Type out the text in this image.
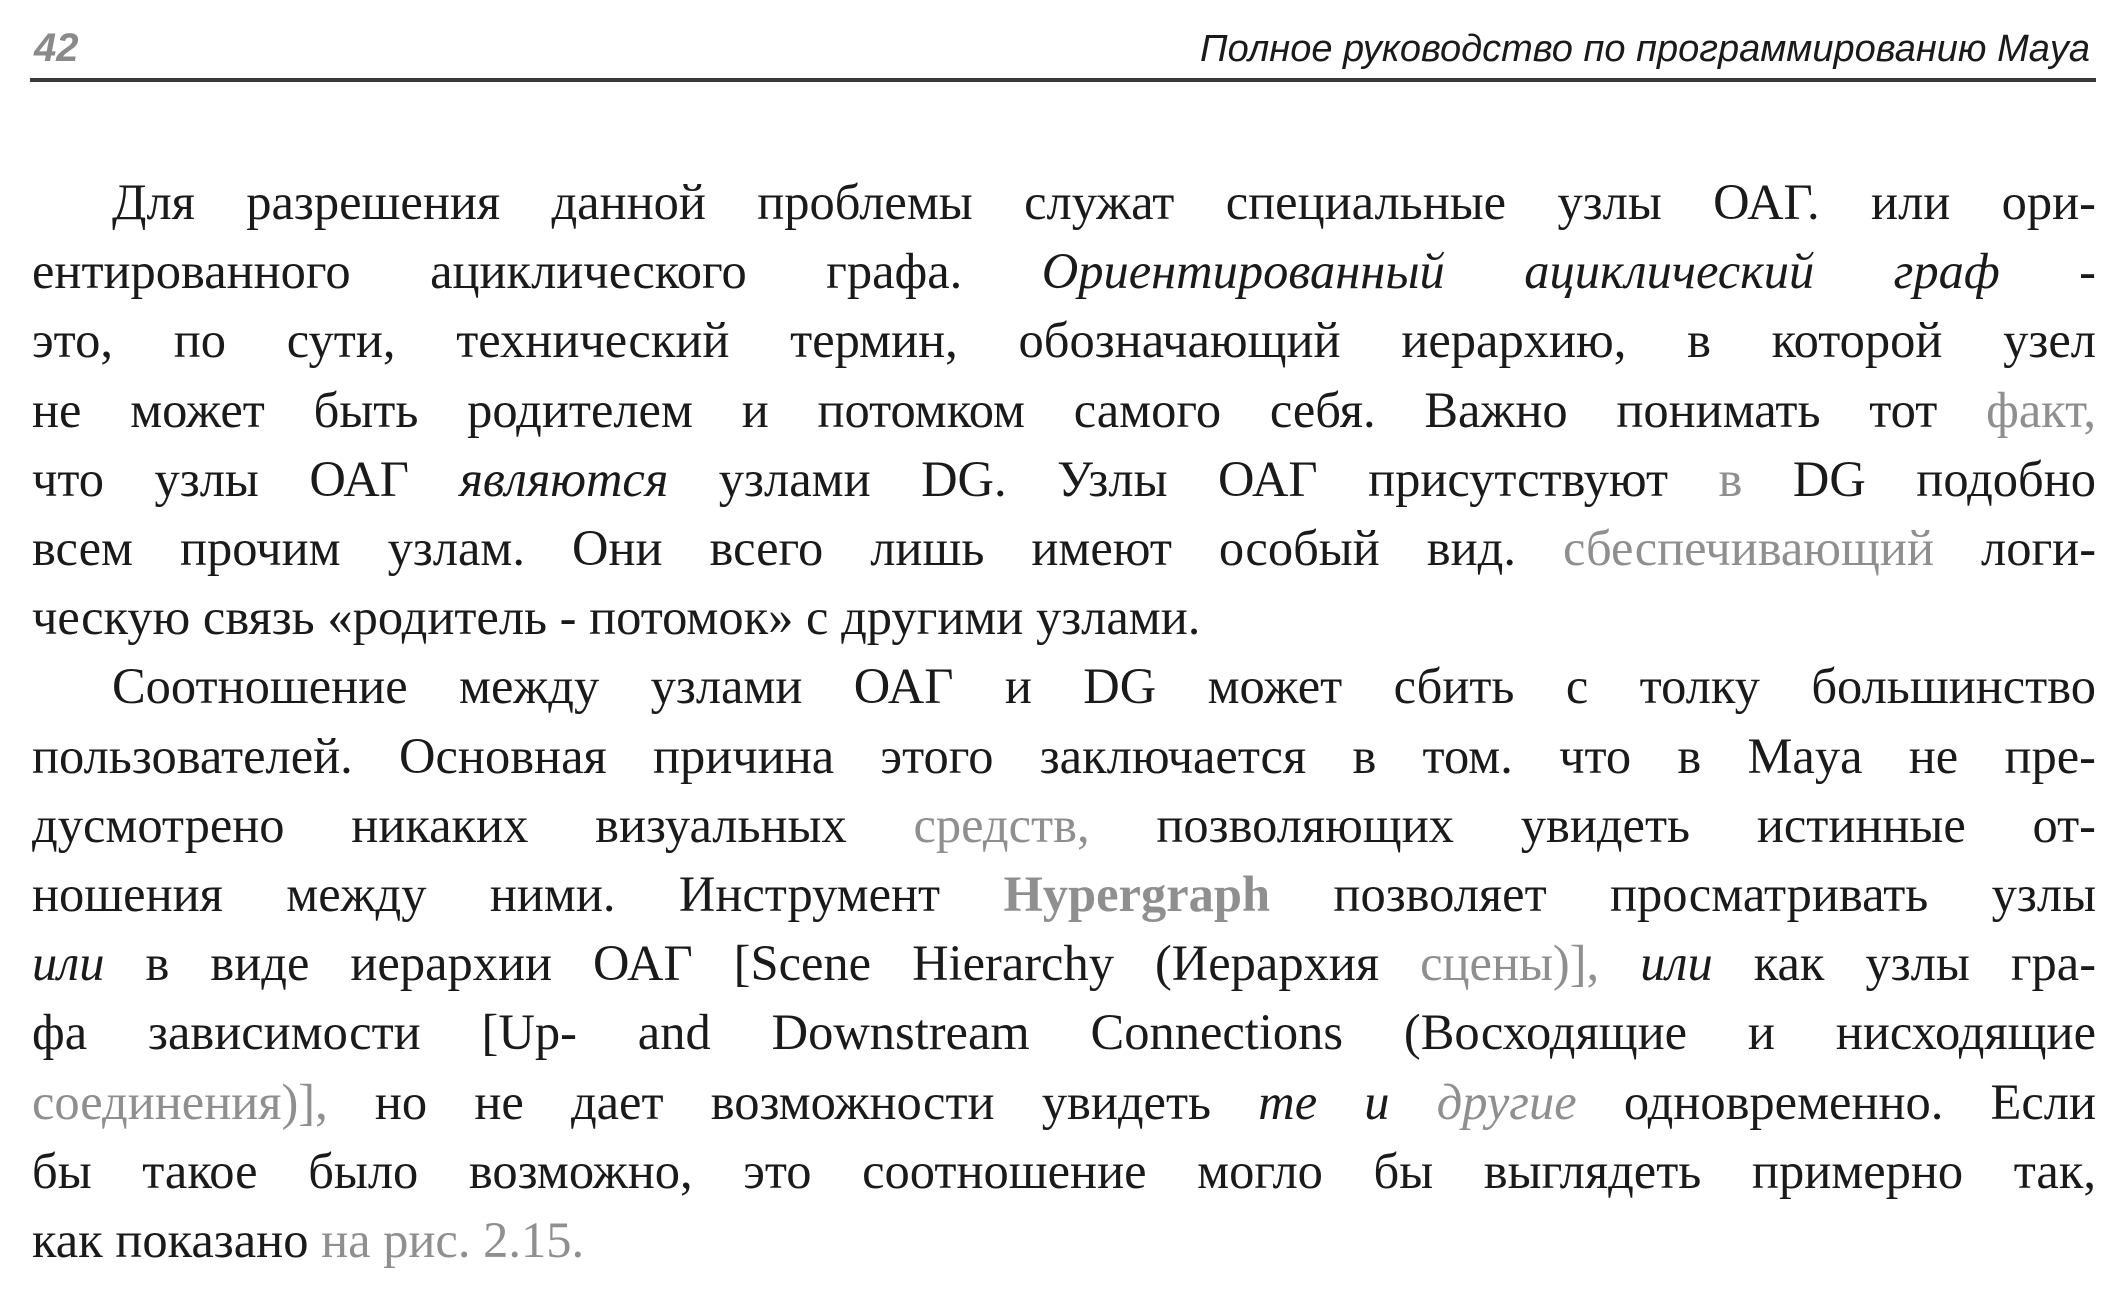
42	Полное руководство по программированию Maya
Для разрешения данной проблемы служат специальные узлы ОАГ. или ори-
ентированного ациклического графа. Ориентированный ациклический граф -
это, по сути, технический термин, обозначающий иерархию, в которой узел
не может быть родителем и потомком самого себя. Важно понимать тот факт,
что узлы ОАГ являются узлами DG. Узлы ОАГ присутствуют в DG подобно
всем прочим узлам. Они всего лишь имеют особый вид. сбеспечивающий логи-
ческую связь «родитель - потомок» с другими узлами.
Соотношение между узлами ОАГ и DG может сбить с толку большинство
пользователей. Основная причина этого заключается в том. что в Maya не пре-
дусмотрено никаких визуальных средств, позволяющих увидеть истинные от-
ношения между ними. Инструмент Hypergraph позволяет просматривать узлы
или в виде иерархии ОАГ [Scene Hierarchy (Иерархия сцены)], или как узлы гра-
фа зависимости [Up- and Downstream Connections (Восходящие и нисходящие
соединения)], но не дает возможности увидеть те и другие одновременно. Если
бы такое было возможно, это соотношение могло бы выглядеть примерно так,
как показано на рис. 2.15.
